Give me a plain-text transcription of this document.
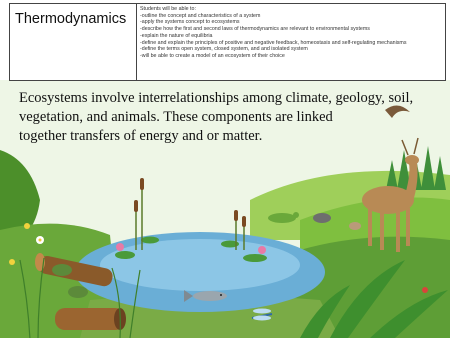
Thermodynamics

Students will be able to:

-outline the concept and characteristics of a system
-apply the systems concept to ecosystems
-describe how the first and second laws of thermodynamics are relevant to environmental systems
-explain the nature of equilibria
-define and explain the principles of positive and negative feedback, homeostasis and self-regulating mechanisms
-define the terms open system, closed system, and and isolated system
-will be able to create a model of an ecosystem of their choice

Ecosystems involve interrelationships among climate, geology, soil,
vegetation, and animals. These components are linked
together transfers of energy and or matter.
